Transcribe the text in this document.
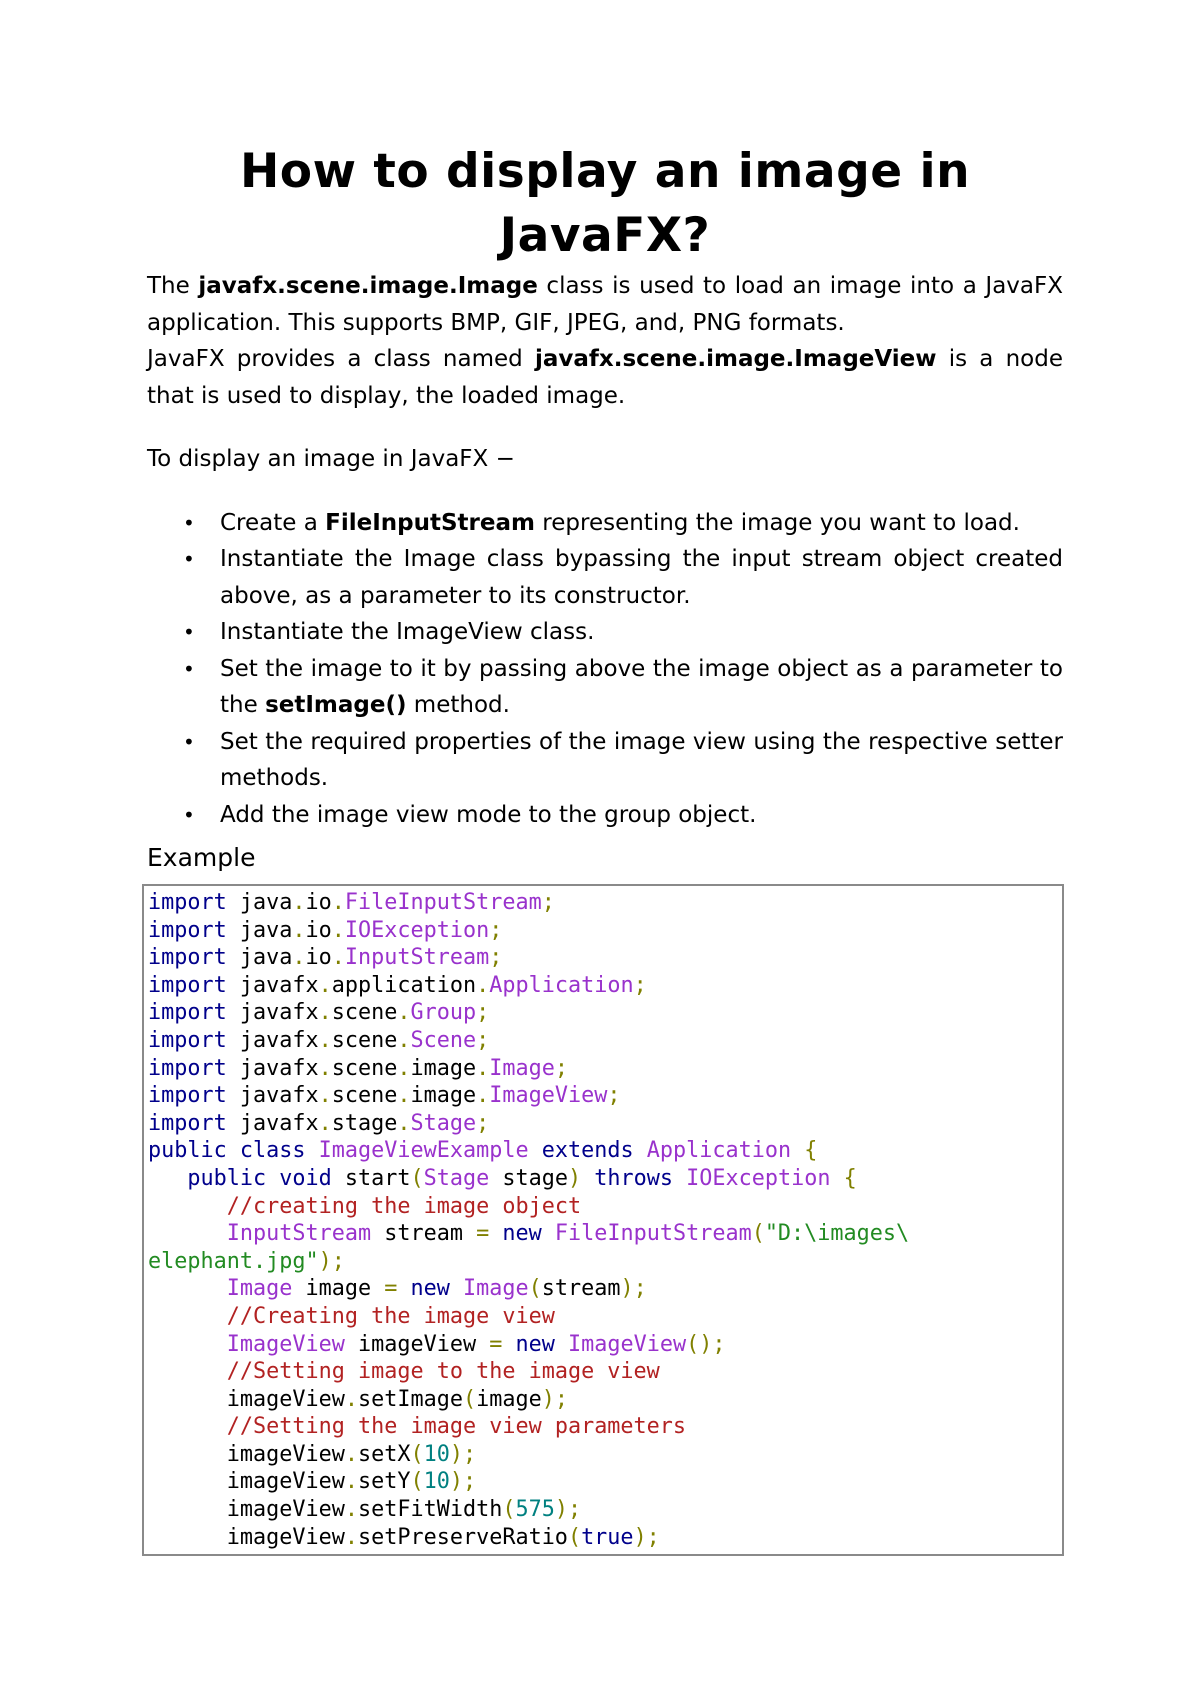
How to display an image in JavaFX?

The javafx.scene.image.Image class is used to load an image into a JavaFX application. This supports BMP, GIF, JPEG, and, PNG formats.

JavaFX provides a class named javafx.scene.image.ImageView is a node that is used to display, the loaded image.

To display an image in JavaFX −

• Create a FileInputStream representing the image you want to load.
• Instantiate the Image class bypassing the input stream object created above, as a parameter to its constructor.
• Instantiate the ImageView class.
• Set the image to it by passing above the image object as a parameter to the setImage() method.
• Set the required properties of the image view using the respective setter methods.
• Add the image view mode to the group object.
Example
import java.io.FileInputStream;
import java.io.IOException;
import java.io.InputStream;
import javafx.application.Application;
import javafx.scene.Group;
import javafx.scene.Scene;
import javafx.scene.image.Image;
import javafx.scene.image.ImageView;
import javafx.stage.Stage;
public class ImageViewExample extends Application {
public void start(Stage stage) throws IOException {
//creating the image object
InputStream stream = new FileInputStream("D:\images\
elephant.jpg");
Image image = new Image(stream);
//Creating the image view
ImageView imageView = new ImageView();
//Setting image to the image view
imageView.setImage(image);
//Setting the image view parameters
imageView.setX(10);
imageView.setY(10);
imageView.setFitWidth(575);
imageView.setPreserveRatio(true);
